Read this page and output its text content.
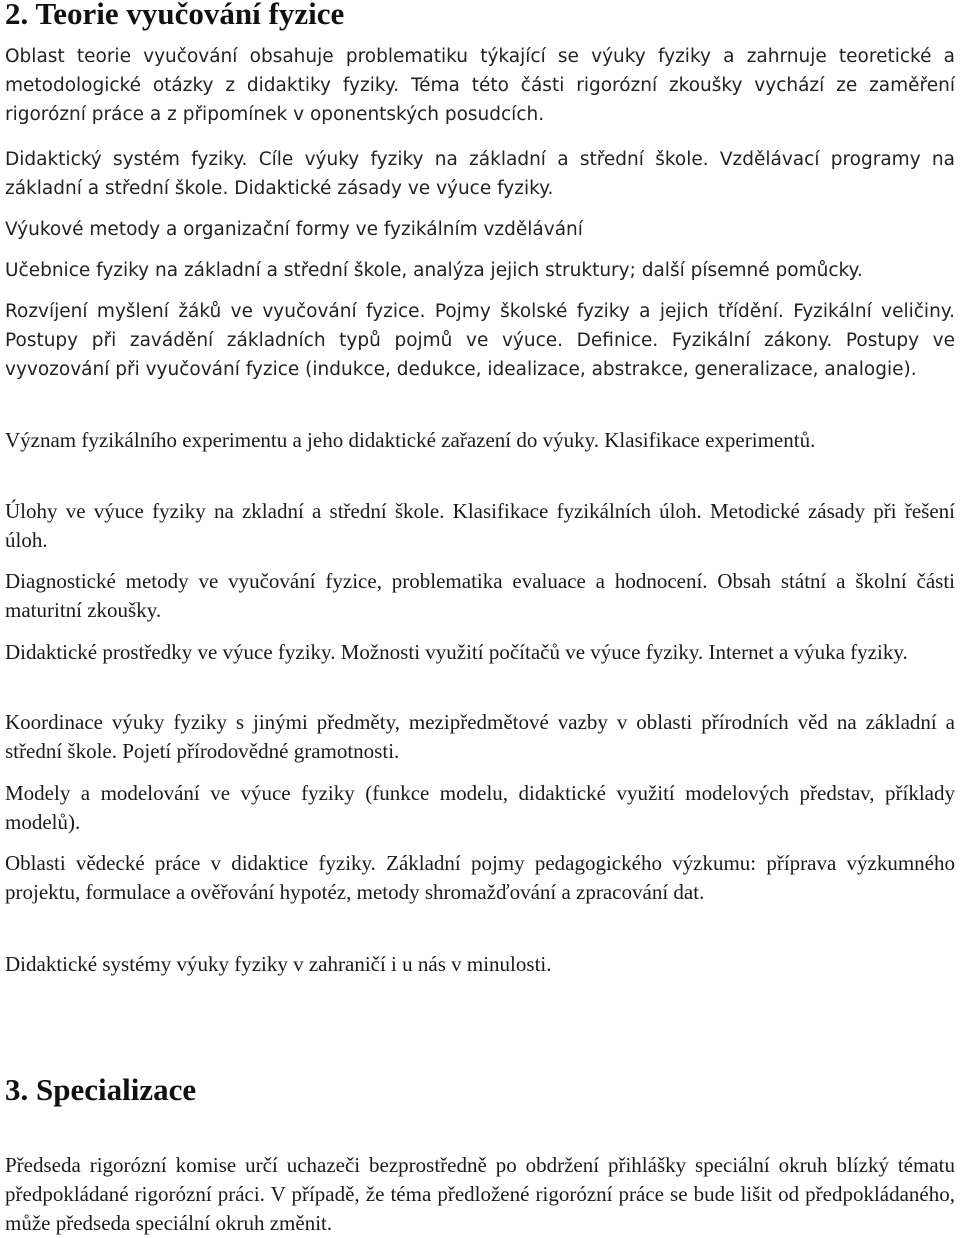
2. Teorie vyučování fyzice

Oblast teorie vyučování obsahuje problematiku týkající se výuky fyziky a zahrnuje teoretické a metodologické otázky z didaktiky fyziky. Téma této části rigorózní zkoušky vychází ze zaměření rigorózní práce a z připomínek v oponentských posudcích.

Didaktický systém fyziky. Cíle výuky fyziky na základní a střední škole. Vzdělávací programy na základní a střední škole. Didaktické zásady ve výuce fyziky.

Výukové metody a organizační formy ve fyzikálním vzdělávání

Učebnice fyziky na základní a střední škole, analýza jejich struktury; další písemné pomůcky.

Rozvíjení myšlení žáků ve vyučování fyzice. Pojmy školské fyziky a jejich třídění. Fyzikální veličiny. Postupy při zavádění základních typů pojmů ve výuce. Definice. Fyzikální zákony. Postupy ve vyvozování při vyučování fyzice (indukce, dedukce, idealizace, abstrakce, generalizace, analogie).

Význam fyzikálního experimentu a jeho didaktické zařazení do výuky. Klasifikace experimentů.

Úlohy ve výuce fyziky na zkladní a střední škole. Klasifikace fyzikálních úloh. Metodické zásady při řešení úloh.

Diagnostické metody ve vyučování fyzice, problematika evaluace a hodnocení. Obsah státní a školní části maturitní zkoušky.

Didaktické prostředky ve výuce fyziky. Možnosti využití počítačů ve výuce fyziky. Internet a výuka fyziky.

Koordinace výuky fyziky s jinými předměty, mezipředmětové vazby v oblasti přírodních věd na základní a střední škole. Pojetí přírodovědné gramotnosti.

Modely a modelování ve výuce fyziky (funkce modelu, didaktické využití modelových představ, příklady modelů).

Oblasti vědecké práce v didaktice fyziky. Základní pojmy pedagogického výzkumu: příprava výzkumného projektu, formulace a ověřování hypotéz, metody shromažďování a zpracování dat.

Didaktické systémy výuky fyziky v zahraničí i u nás v minulosti.

3. Specializace

Předseda rigorózní komise určí uchazeči bezprostředně po obdržení přihlášky speciální okruh blízký tématu předpokládané rigorózní práci. V případě, že téma předložené rigorózní práce se bude lišit od předpokládaného, může předseda speciální okruh změnit.
